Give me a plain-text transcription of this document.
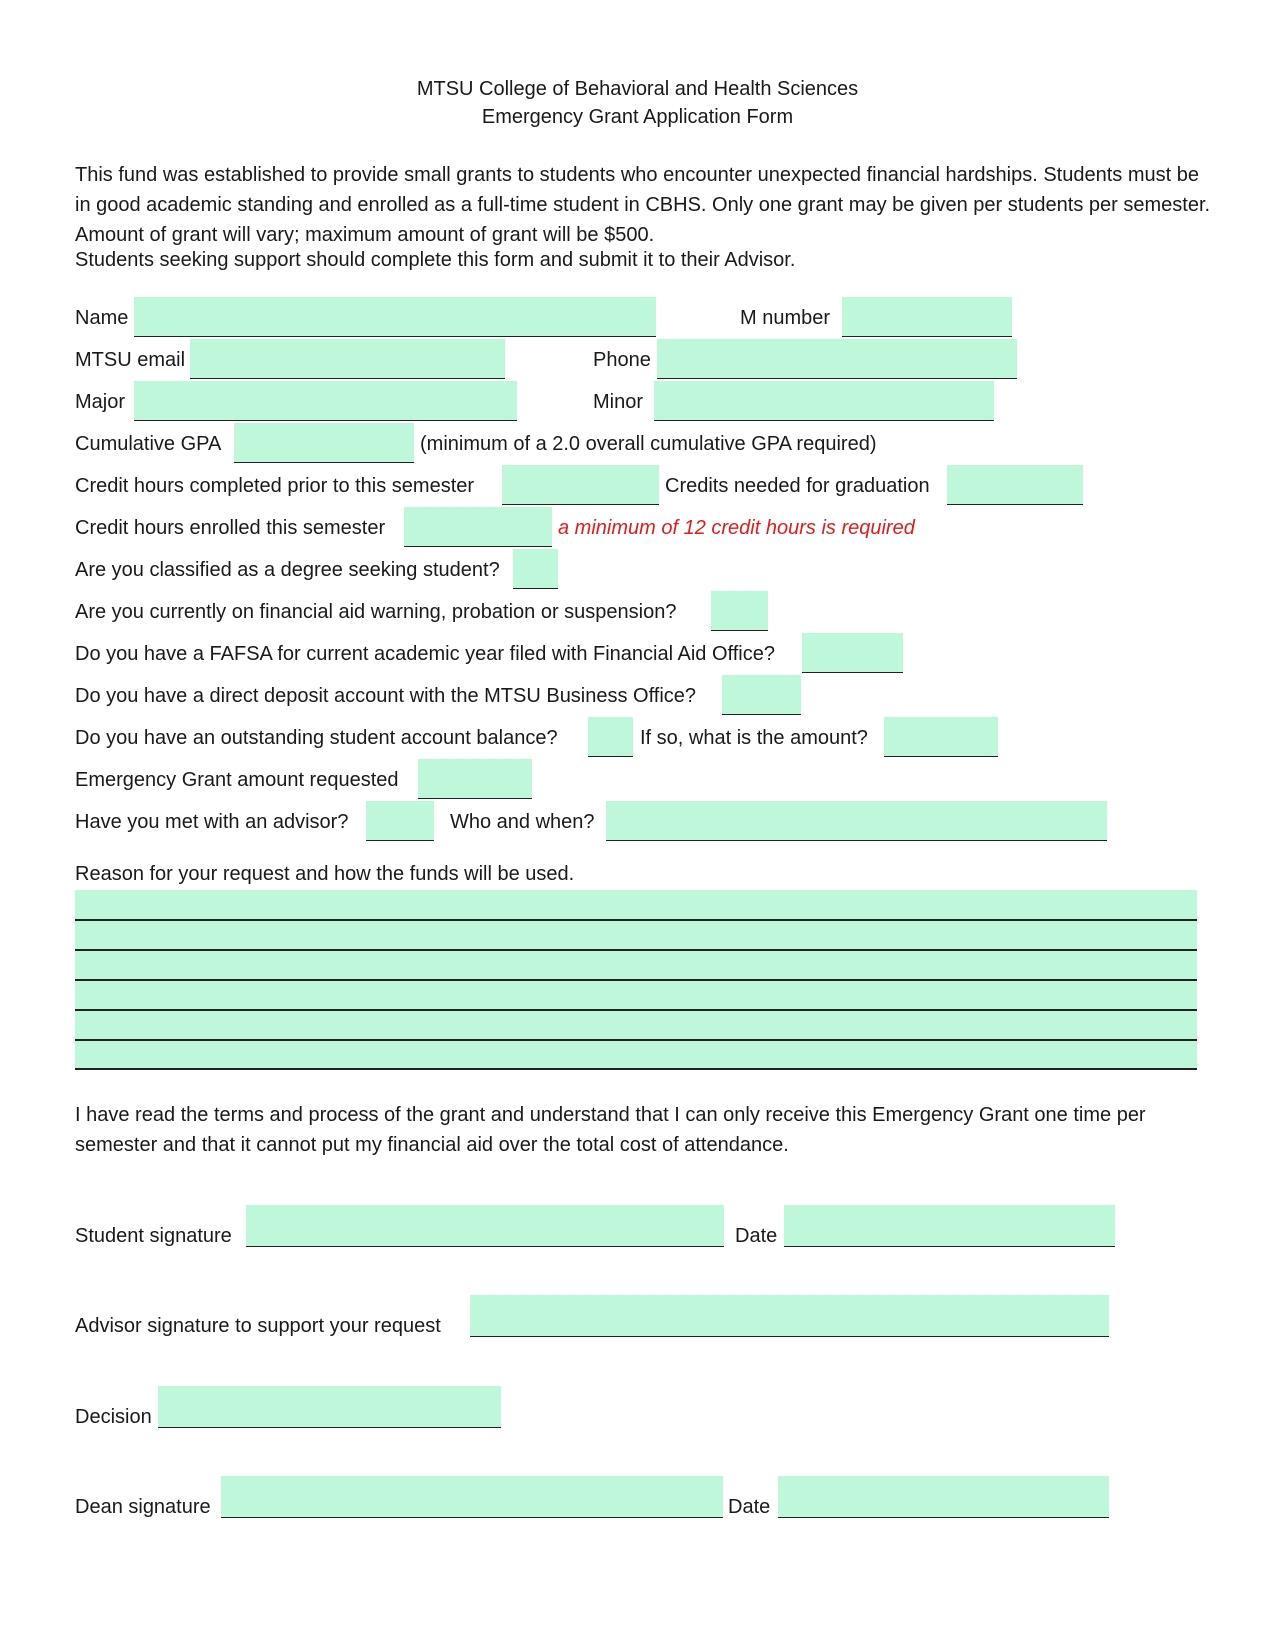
MTSU College of Behavioral and Health Sciences
Emergency Grant Application Form

This fund was established to provide small grants to students who encounter unexpected financial hardships. Students must be in good academic standing and enrolled as a full-time student in CBHS. Only one grant may be given per students per semester. Amount of grant will vary; maximum amount of grant will be $500.

Students seeking support should complete this form and submit it to their Advisor.

Name	M number
MTSU email	Phone
Major	Minor
Cumulative GPA	(minimum of a 2.0 overall cumulative GPA required)
Credit hours completed prior to this semester	Credits needed for graduation
Credit hours enrolled this semester	a minimum of 12 credit hours is required
Are you classified as a degree seeking student?
Are you currently on financial aid warning, probation or suspension?
Do you have a FAFSA for current academic year filed with Financial Aid Office?
Do you have a direct deposit account with the MTSU Business Office?
Do you have an outstanding student account balance?	If so, what is the amount?
Emergency Grant amount requested
Have you met with an advisor?	Who and when?
Reason for your request and how the funds will be used.

I have read the terms and process of the grant and understand that I can only receive this Emergency Grant one time per semester and that it cannot put my financial aid over the total cost of attendance.

Student signature	Date
Advisor signature to support your request
Decision
Dean signature	Date
